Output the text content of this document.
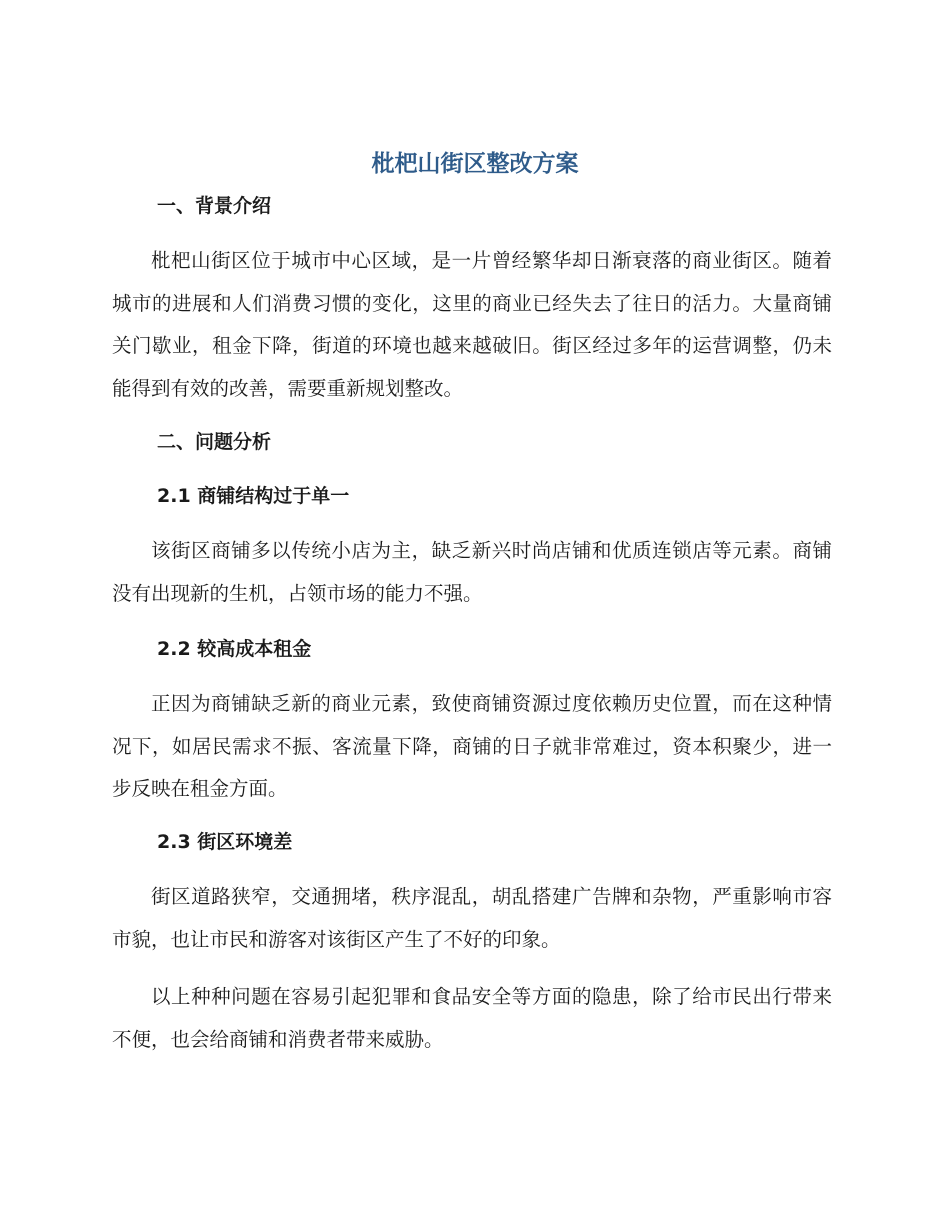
枇杷山街区整改方案
一、背景介绍

枇杷山街区位于城市中心区域，是一片曾经繁华却日渐衰落的商业街区。随着城市的进展和人们消费习惯的变化，这里的商业已经失去了往日的活力。大量商铺关门歇业，租金下降，街道的环境也越来越破旧。街区经过多年的运营调整，仍未能得到有效的改善，需要重新规划整改。

二、问题分析
2.1 商铺结构过于单一

该街区商铺多以传统小店为主，缺乏新兴时尚店铺和优质连锁店等元素。商铺没有出现新的生机，占领市场的能力不强。

2.2 较高成本租金

正因为商铺缺乏新的商业元素，致使商铺资源过度依赖历史位置，而在这种情况下，如居民需求不振、客流量下降，商铺的日子就非常难过，资本积聚少，进一步反映在租金方面。

2.3 街区环境差

街区道路狭窄，交通拥堵，秩序混乱，胡乱搭建广告牌和杂物，严重影响市容市貌，也让市民和游客对该街区产生了不好的印象。

以上种种问题在容易引起犯罪和食品安全等方面的隐患，除了给市民出行带来不便，也会给商铺和消费者带来威胁。
